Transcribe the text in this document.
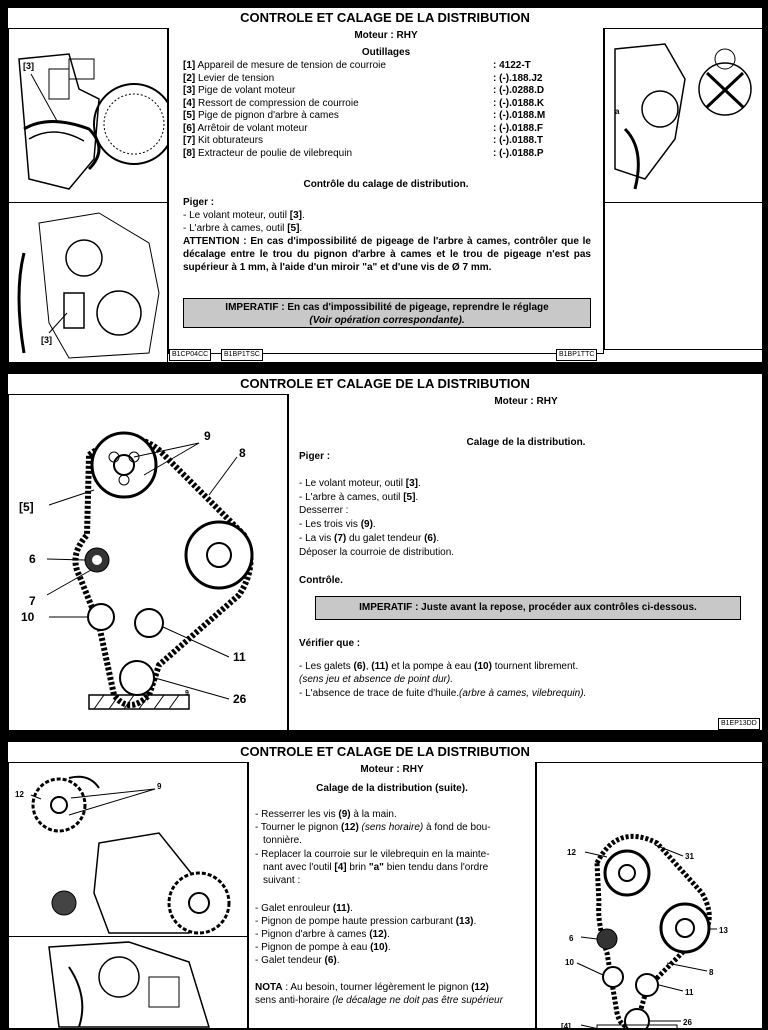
CONTROLE ET CALAGE DE LA DISTRIBUTION
[3]
[3]
Moteur : RHY
Outillages
[1] Appareil de mesure de tension de courroie	: 4122-T
[2] Levier de tension	: (-).188.J2
[3] Pige de volant moteur	: (-).0288.D
[4] Ressort de compression de courroie	: (-).0188.K
[5] Pige de pignon d'arbre à cames	: (-).0188.M
[6] Arrêtoir de volant moteur	: (-).0188.F
[7] Kit obturateurs	: (-).0188.T
[8] Extracteur de poulie de vilebrequin	: (-).0188.P
Contrôle du calage de distribution.
Piger :
- Le volant moteur, outil [3].
- L'arbre à cames, outil [5].
ATTENTION : En cas d'impossibilité de pigeage de l'arbre à cames, contrôler que le décalage entre le trou du pignon d'arbre à cames et le trou de pigeage n'est pas supérieur à 1 mm, à l'aide d'un miroir "a" et d'une vis de Ø 7 mm.
IMPERATIF : En cas d'impossibilité de pigeage, reprendre le réglage
(Voir opération correspondante).
B1CP04CC	B1BP1TSC	B1BP1TTC
a
CONTROLE ET CALAGE DE LA DISTRIBUTION
9
8
[5]
6
7
10
11
26
9
Moteur : RHY
Calage de la distribution.
Piger :
- Le volant moteur, outil [3].
- L'arbre à cames, outil [5].
Desserrer :
- Les trois vis (9).
- La vis (7) du galet tendeur (6).
Déposer la courroie de distribution.
Contrôle.
IMPERATIF : Juste avant la repose, procéder aux contrôles ci-dessous.
Vérifier que :
- Les galets (6), (11) et la pompe à eau (10) tournent librement.
(sens jeu et absence de point dur).
- L'absence de trace de fuite d'huile.(arbre à cames, vilebrequin).
B1EP13DD
CONTROLE ET CALAGE DE LA DISTRIBUTION
12
9
Moteur : RHY
Calage de la distribution (suite).
- Resserrer les vis (9) à la main.
- Tourner le pignon (12) (sens horaire) à fond de bou-
tonnière.
- Replacer la courroie sur le vilebrequin en la mainte-
nant avec l'outil [4] brin "a" bien tendu dans l'ordre
suivant :
- Galet enrouleur (11).
- Pignon de pompe haute pression carburant (13).
- Pignon d'arbre à cames (12).
- Pignon de pompe à eau (10).
- Galet tendeur (6).
NOTA : Au besoin, tourner légèrement le pignon (12)
sens anti-horaire (le décalage ne doit pas être supérieur
12	31
13
6
10
8
11
[4]	26
